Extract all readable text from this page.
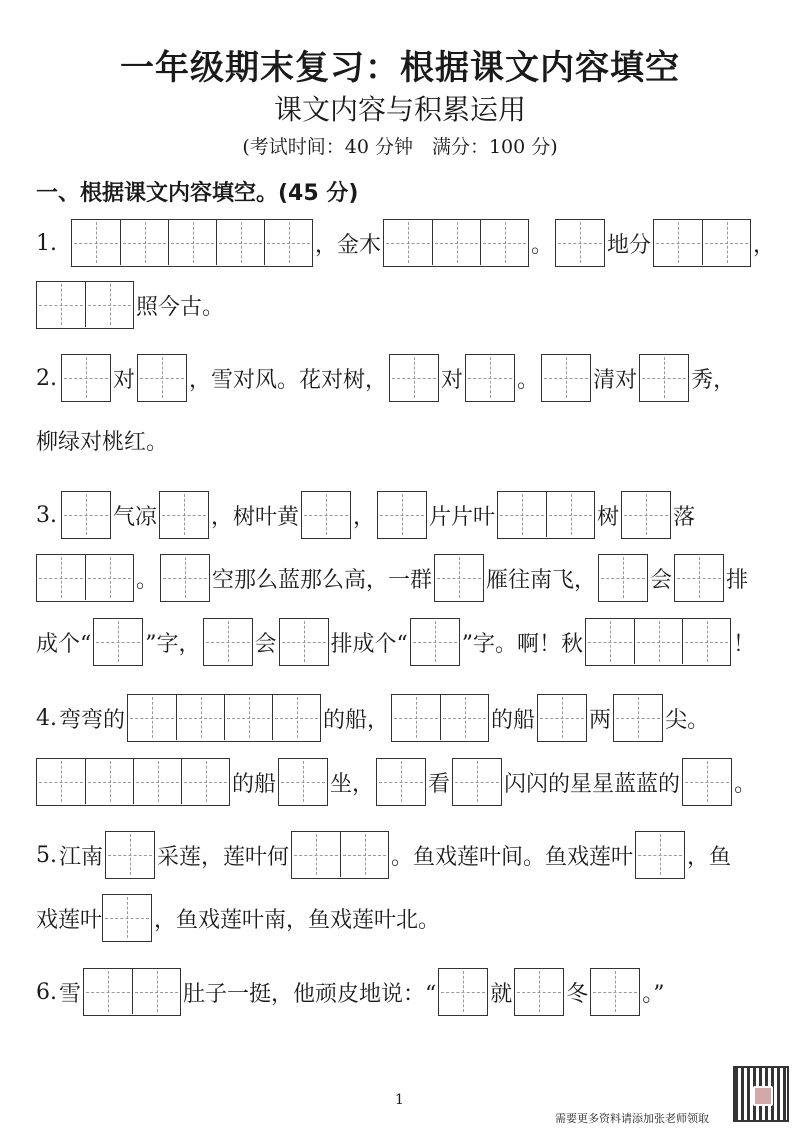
一年级期末复习：根据课文内容填空
课文内容与积累运用
(考试时间：40 分钟　满分：100 分)
一、根据课文内容填空。(45 分)
1.	，金木	。 地分	，
照今古。
2.	对 ，雪对风。花对树， 对 。 清对 秀，
柳绿对桃红。
3.	气凉 ，树叶黄 ， 片片叶	树 落
。 空那么蓝那么高，一群 雁往南飞， 会 排
成个“ ”字， 会 排成个“ ”字。啊！秋	！
4. 弯弯的	的船，	的船 两 尖。
的船 坐， 看 闪闪的星星蓝蓝的 。
5. 江南 采莲，莲叶何	。鱼戏莲叶间。鱼戏莲叶 ，鱼
戏莲叶 ，鱼戏莲叶南，鱼戏莲叶北。
6. 雪	肚子一挺，他顽皮地说：“ 就 冬 。”
1
需要更多资料请添加张老师领取
